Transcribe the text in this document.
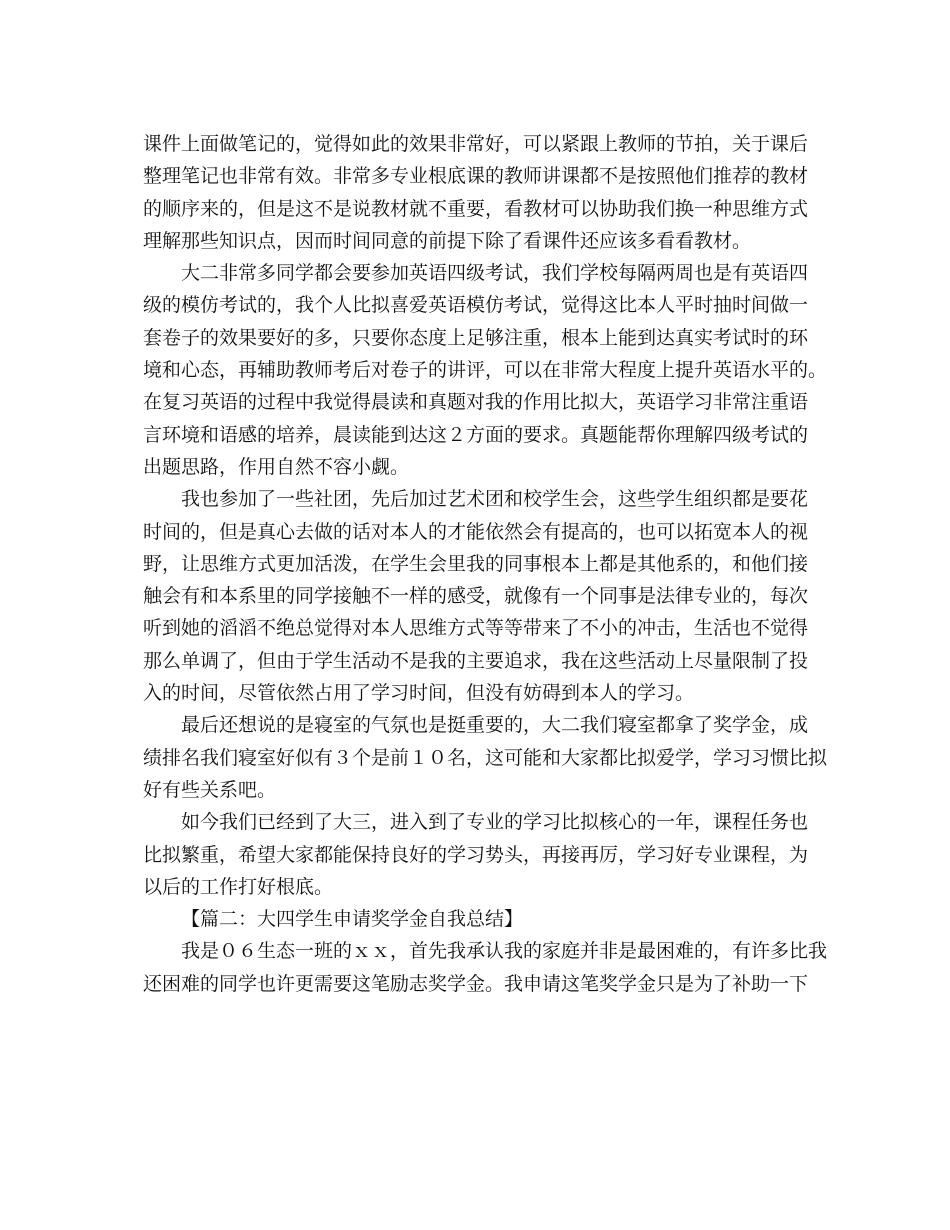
课件上面做笔记的，觉得如此的效果非常好，可以紧跟上教师的节拍，关于课后
整理笔记也非常有效。非常多专业根底课的教师讲课都不是按照他们推荐的教材
的顺序来的，但是这不是说教材就不重要，看教材可以协助我们换一种思维方式
理解那些知识点，因而时间同意的前提下除了看课件还应该多看看教材。

大二非常多同学都会要参加英语四级考试，我们学校每隔两周也是有英语四
级的模仿考试的，我个人比拟喜爱英语模仿考试，觉得这比本人平时抽时间做一
套卷子的效果要好的多，只要你态度上足够注重，根本上能到达真实考试时的环
境和心态，再辅助教师考后对卷子的讲评，可以在非常大程度上提升英语水平的。
在复习英语的过程中我觉得晨读和真题对我的作用比拟大，英语学习非常注重语
言环境和语感的培养，晨读能到达这２方面的要求。真题能帮你理解四级考试的
出题思路，作用自然不容小觑。

我也参加了一些社团，先后加过艺术团和校学生会，这些学生组织都是要花
时间的，但是真心去做的话对本人的才能依然会有提高的，也可以拓宽本人的视
野，让思维方式更加活泼，在学生会里我的同事根本上都是其他系的，和他们接
触会有和本系里的同学接触不一样的感受，就像有一个同事是法律专业的，每次
听到她的滔滔不绝总觉得对本人思维方式等等带来了不小的冲击，生活也不觉得
那么单调了，但由于学生活动不是我的主要追求，我在这些活动上尽量限制了投
入的时间，尽管依然占用了学习时间，但没有妨碍到本人的学习。

最后还想说的是寝室的气氛也是挺重要的，大二我们寝室都拿了奖学金，成
绩排名我们寝室好似有３个是前１０名，这可能和大家都比拟爱学，学习习惯比拟
好有些关系吧。

如今我们已经到了大三，进入到了专业的学习比拟核心的一年，课程任务也
比拟繁重，希望大家都能保持良好的学习势头，再接再厉，学习好专业课程，为
以后的工作打好根底。

【篇二：大四学生申请奖学金自我总结】

我是０６生态一班的ｘｘ，首先我承认我的家庭并非是最困难的，有许多比我
还困难的同学也许更需要这笔励志奖学金。我申请这笔奖学金只是为了补助一下
